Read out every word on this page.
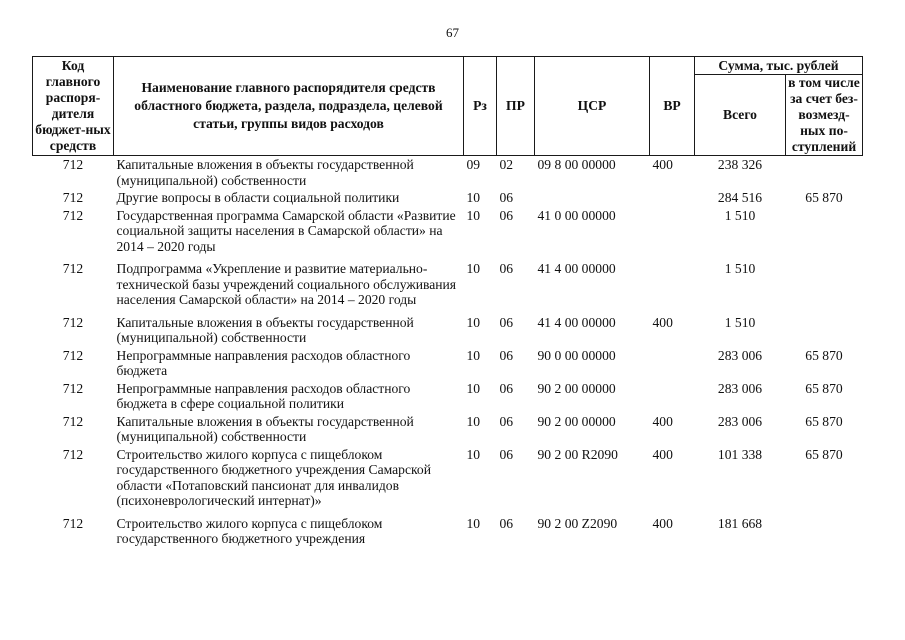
67
Код главного распоря-дителя бюджет-ных средств	Наименование главного распорядителя средств областного бюджета, раздела, подраздела, целевой статьи, группы видов расходов	Рз	ПР	ЦСР	ВР	Сумма, тыс. рублей	
						Всего	в том числе за счет без-возмезд-ных по-ступлений
712	Капитальные вложения в объекты государственной (муниципальной) собственности	09	02	09 8 00 00000	400	238 326	
712	Другие вопросы в области социальной политики	10	06			284 516	65 870
712	Государственная программа Самарской области «Развитие социальной защиты населения в Самарской области» на 2014 – 2020 годы	10	06	41 0 00 00000		1 510	
712	Подпрограмма «Укрепление и развитие материально-технической базы учреждений социального обслуживания населения Самарской области» на 2014 – 2020 годы	10	06	41 4 00 00000		1 510	
712	Капитальные вложения в объекты государственной (муниципальной) собственности	10	06	41 4 00 00000	400	1 510	
712	Непрограммные направления расходов областного бюджета	10	06	90 0 00 00000		283 006	65 870
712	Непрограммные направления расходов областного бюджета в сфере социальной политики	10	06	90 2 00 00000		283 006	65 870
712	Капитальные вложения в объекты государственной (муниципальной) собственности	10	06	90 2 00 00000	400	283 006	65 870
712	Строительство жилого корпуса с пищеблоком государственного бюджетного учреждения Самарской области «Потаповский пансионат для инвалидов (психоневрологический интернат)»	10	06	90 2 00 R2090	400	101 338	65 870
712	Строительство жилого корпуса с пищеблоком государственного бюджетного учреждения	10	06	90 2 00 Z2090	400	181 668	
